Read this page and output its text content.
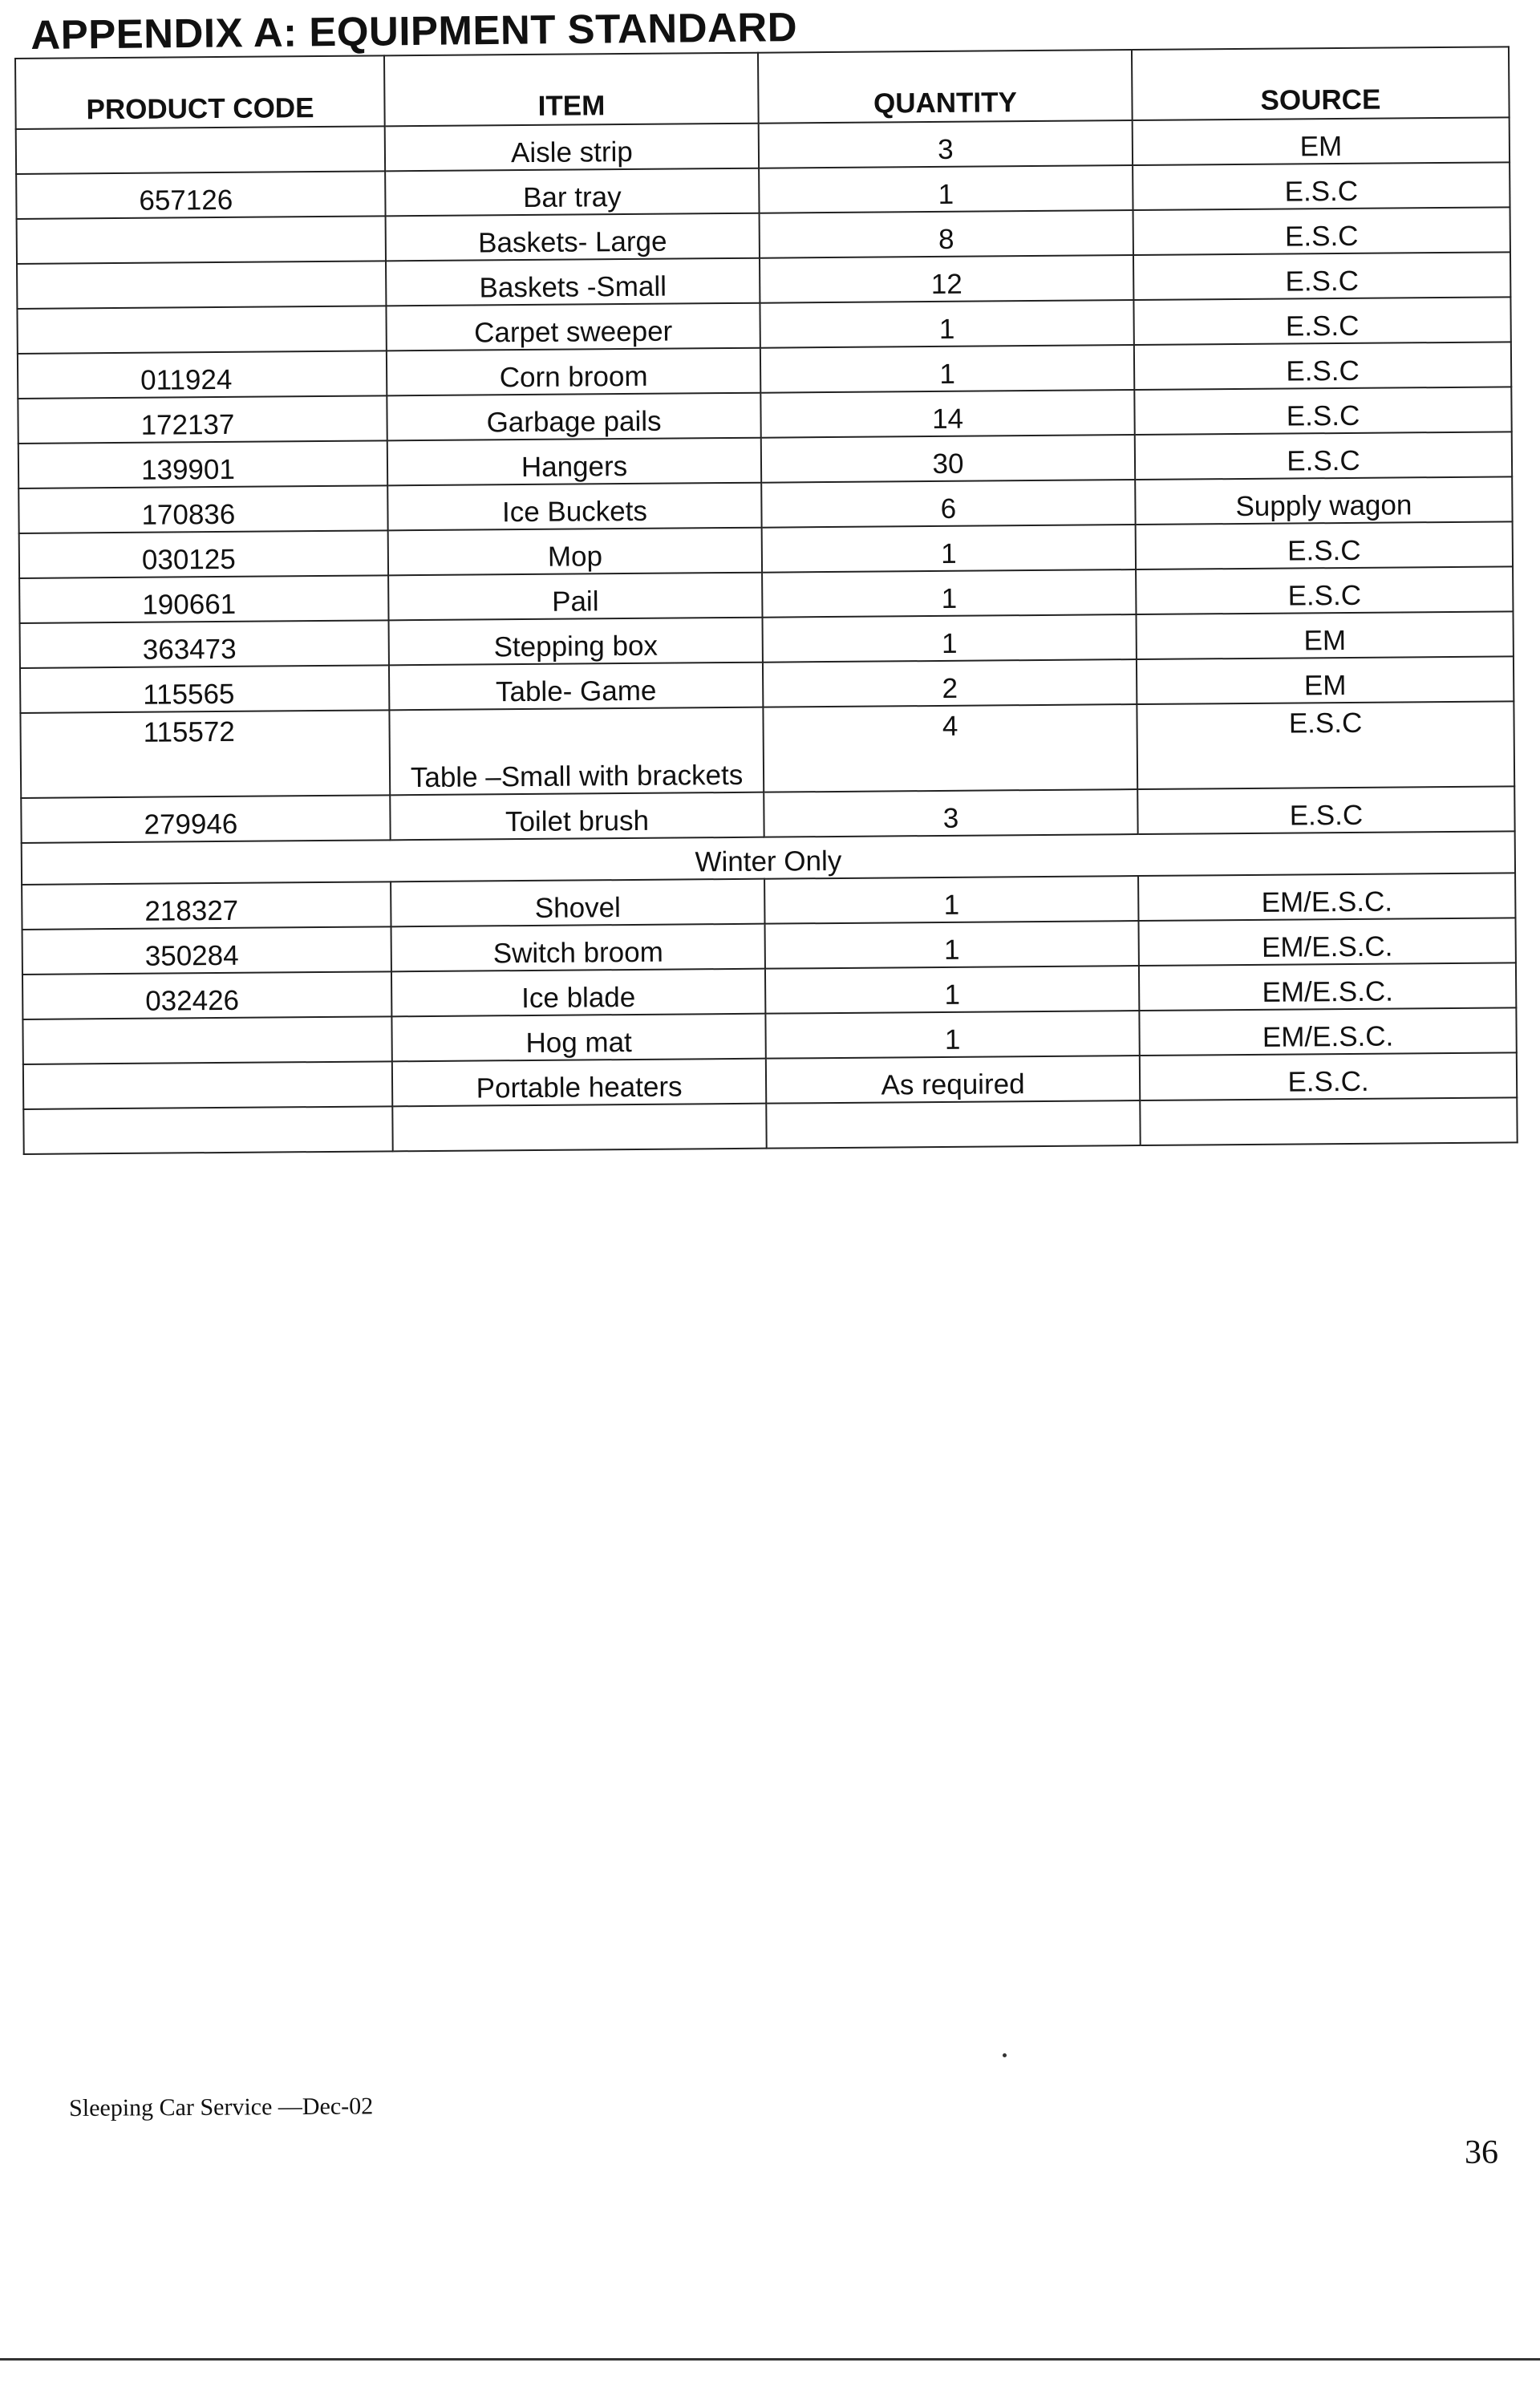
APPENDIX A: EQUIPMENT STANDARD
PRODUCT CODE	ITEM	QUANTITY	SOURCE
	Aisle strip	3	EM
657126	Bar tray	1	E.S.C
	Baskets- Large	8	E.S.C
	Baskets -Small	12	E.S.C
	Carpet sweeper	1	E.S.C
011924	Corn broom	1	E.S.C
172137	Garbage pails	14	E.S.C
139901	Hangers	30	E.S.C
170836	Ice Buckets	6	Supply wagon
030125	Mop	1	E.S.C
190661	Pail	1	E.S.C
363473	Stepping box	1	EM
115565	Table- Game	2	EM
115572	Table –Small with brackets	4	E.S.C
279946	Toilet brush	3	E.S.C
Winter Only			
218327	Shovel	1	EM/E.S.C.
350284	Switch broom	1	EM/E.S.C.
032426	Ice blade	1	EM/E.S.C.
	Hog mat	1	EM/E.S.C.
	Portable heaters	As required	E.S.C.

Sleeping Car Service —Dec-02
36
